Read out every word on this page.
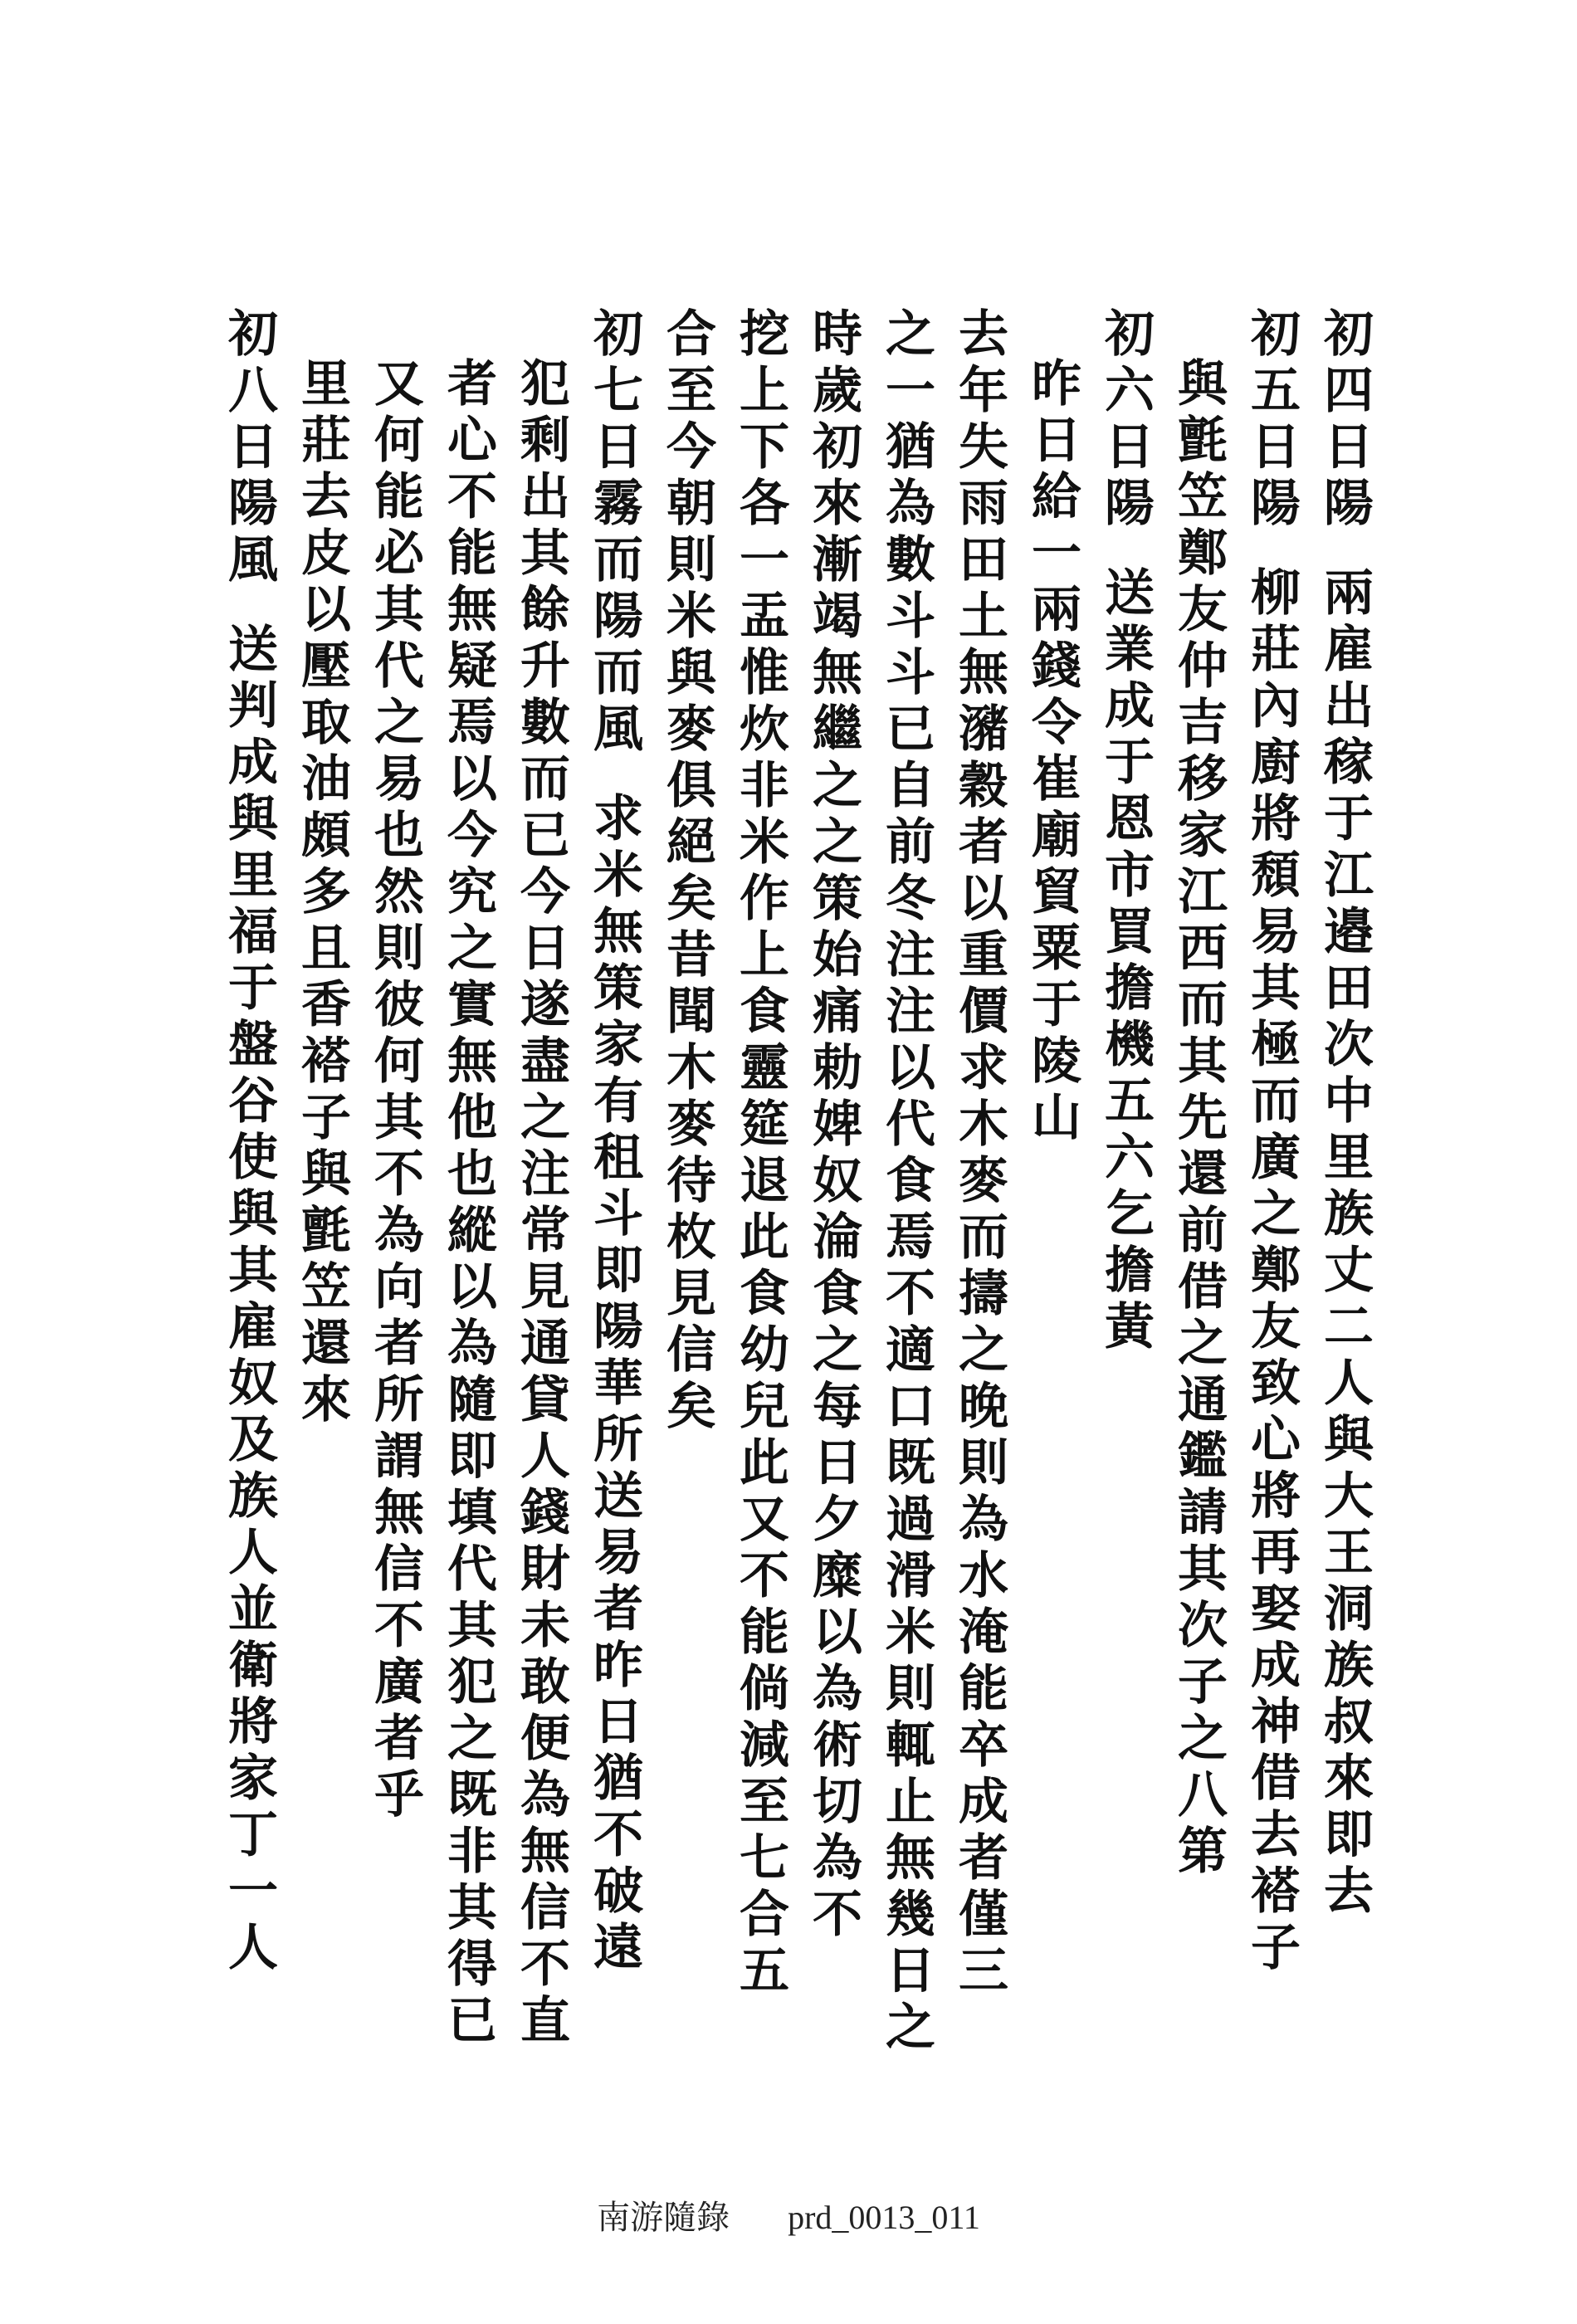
初四日陽兩雇出稼于江邉田次中里族丈二人與大王洞族叔來即去
初五日陽柳莊內廚將頹易其極而廣之鄭友致心將再娶成神借去褡子
與氈笠鄭友仲吉移家江西而其先還前借之通鑑請其次子之八第
初六日陽送業成于恩市買擔機五六乞擔黃
昨日給一兩錢令崔廟貿粟于陵山
去年失雨田土無瀦穀者以重價求木麥而擣之晚則為水淹能卒成者僅三
之一猶為數斗斗已自前冬注注以代食焉不適口既過滑米則輒止無幾日之
時歲初來漸竭無繼之之策始痛勅婢奴淪食之每日夕糜以為術切為不
挖上下各一盂惟炊非米作上食靈筵退此食幼兒此又不能倘減至七合五
合至今朝則米與麥俱絕矣昔聞木麥待枚見信矣
初七日霧而陽而風求米無策家有租斗即陽華所送易者昨日猶不破遠
犯剩出其餘升數而已今日遂盡之注常見通貸人錢財未敢便為無信不直
者心不能無疑焉以今究之實無他也縱以為隨即填代其犯之既非其得已
又何能必其代之易也然則彼何其不為向者所謂無信不廣者乎
里莊去皮以壓取油頗多且香褡子與氈笠還來
初八日陽風送判成與里福于盤谷使與其雇奴及族人並衛將家丁一人
南游隨錄 prd_0013_011
